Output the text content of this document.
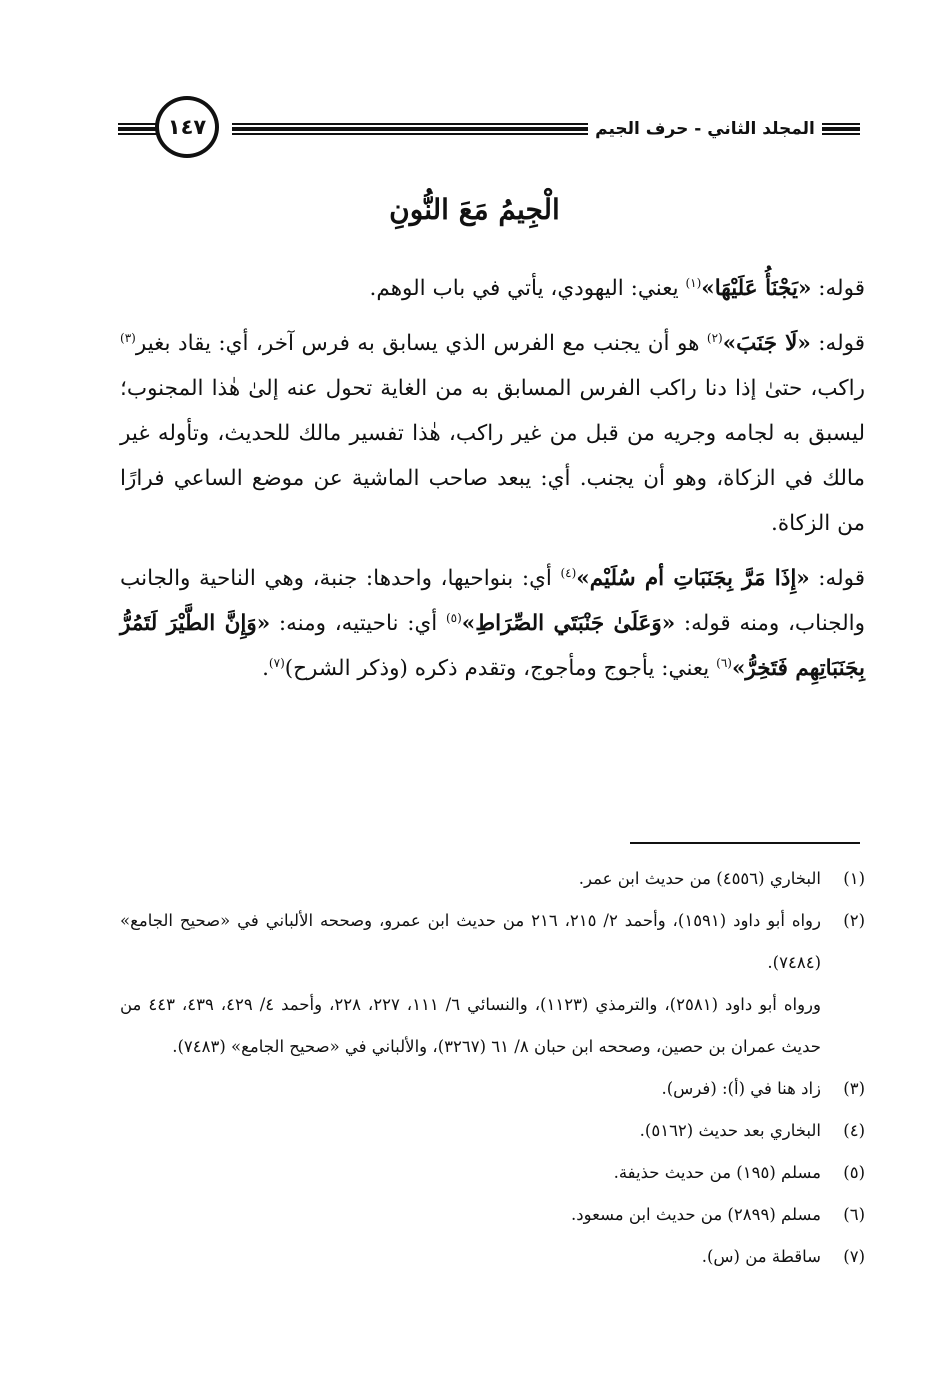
المجلد الثاني - حرف الجيم
١٤٧
الْجِيمُ مَعَ النُّونِ

قوله: «يَجْنَأُ عَلَيْهَا»$^{(١)}$ يعني: اليهودي، يأتي في باب الوهم.

قوله: «لَا جَنَبَ»$^{(٢)}$ هو أن يجنب مع الفرس الذي يسابق به فرس آخر، أي: يقاد بغير$^{(٣)}$ راكب، حتىٰ إذا دنا راكب الفرس المسابق به من الغاية تحول عنه إلىٰ هٰذا المجنوب؛ ليسبق به لجامه وجريه من قبل من غير راكب، هٰذا تفسير مالك للحديث، وتأوله غير مالك في الزكاة، وهو أن يجنب. أي: يبعد صاحب الماشية عن موضع الساعي فرارًا من الزكاة.

قوله: «إِذَا مَرَّ بِجَنَبَاتِ أم سُلَيْم»$^{(٤)}$ أي: بنواحيها، واحدها: جنبة، وهي الناحية والجانب والجناب، ومنه قوله: «وَعَلَىٰ جَنْبَتَي الصِّرَاطِ»$^{(٥)}$ أي: ناحيتيه، ومنه: «وَإِنَّ الطَّيْرَ لَتَمُرُّ بِجَنَبَاتِهِم فَتَخِرُّ»$^{(٦)}$ يعني: يأجوج ومأجوج، وتقدم ذكره (وذكر الشرح)$^{(٧)}$.

(١)
البخاري (٤٥٥٦) من حديث ابن عمر.
(٢)
رواه أبو داود (١٥٩١)، وأحمد ٢/ ٢١٥، ٢١٦ من حديث ابن عمرو، وصححه الألباني في «صحيح الجامع» (٧٤٨٤).
ورواه أبو داود (٢٥٨١)، والترمذي (١١٢٣)، والنسائي ٦/ ١١١، ٢٢٧، ٢٢٨، وأحمد ٤/ ٤٢٩، ٤٣٩، ٤٤٣ من حديث عمران بن حصين، وصححه ابن حبان ٨/ ٦١ (٣٢٦٧)، والألباني في «صحيح الجامع» (٧٤٨٣).
(٣)
زاد هنا في (أ): (فرس).
(٤)
البخاري بعد حديث (٥١٦٢).
(٥)
مسلم (١٩٥) من حديث حذيفة.
(٦)
مسلم (٢٨٩٩) من حديث ابن مسعود.
(٧)
ساقطة من (س).
